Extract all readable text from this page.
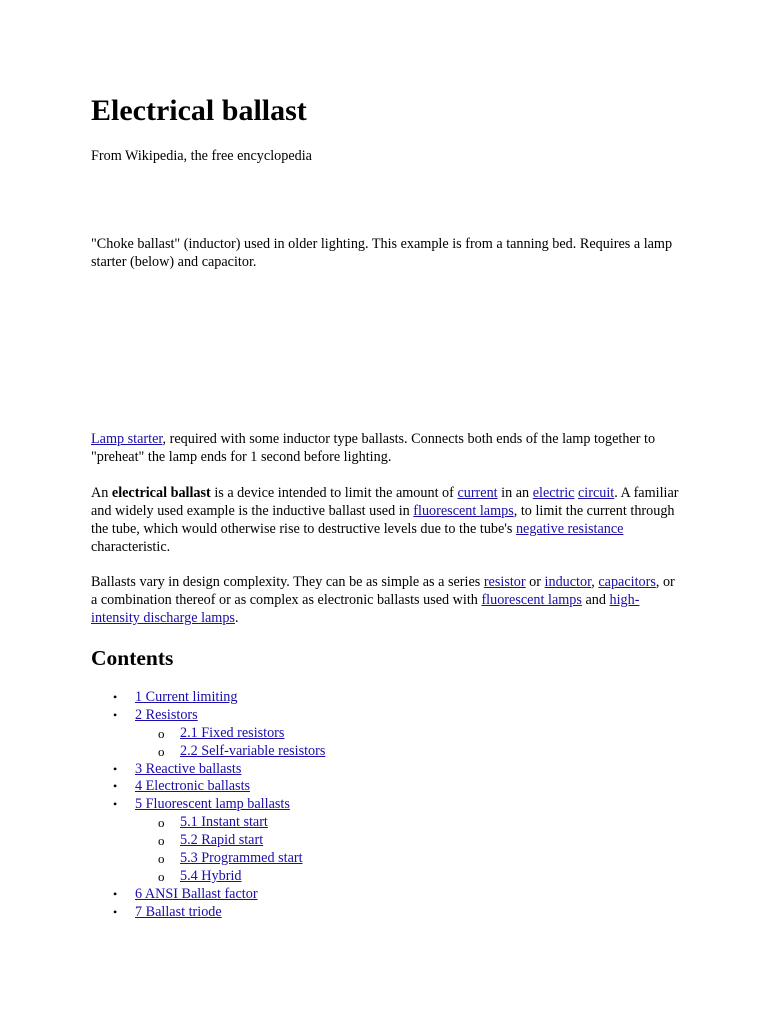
Electrical ballast

From Wikipedia, the free encyclopedia

"Choke ballast" (inductor) used in older lighting. This example is from a tanning bed. Requires a lamp starter (below) and capacitor.

Lamp starter, required with some inductor type ballasts. Connects both ends of the lamp together to "preheat" the lamp ends for 1 second before lighting.

An electrical ballast is a device intended to limit the amount of current in an electric circuit. A familiar and widely used example is the inductive ballast used in fluorescent lamps, to limit the current through the tube, which would otherwise rise to destructive levels due to the tube's negative resistance characteristic.

Ballasts vary in design complexity. They can be as simple as a series resistor or inductor, capacitors, or a combination thereof or as complex as electronic ballasts used with fluorescent lamps and high-intensity discharge lamps.

Contents
• 1 Current limiting
• 2 Resistors
o 2.1 Fixed resistors
o 2.2 Self-variable resistors
• 3 Reactive ballasts
• 4 Electronic ballasts
• 5 Fluorescent lamp ballasts
o 5.1 Instant start
o 5.2 Rapid start
o 5.3 Programmed start
o 5.4 Hybrid
• 6 ANSI Ballast factor
• 7 Ballast triode
